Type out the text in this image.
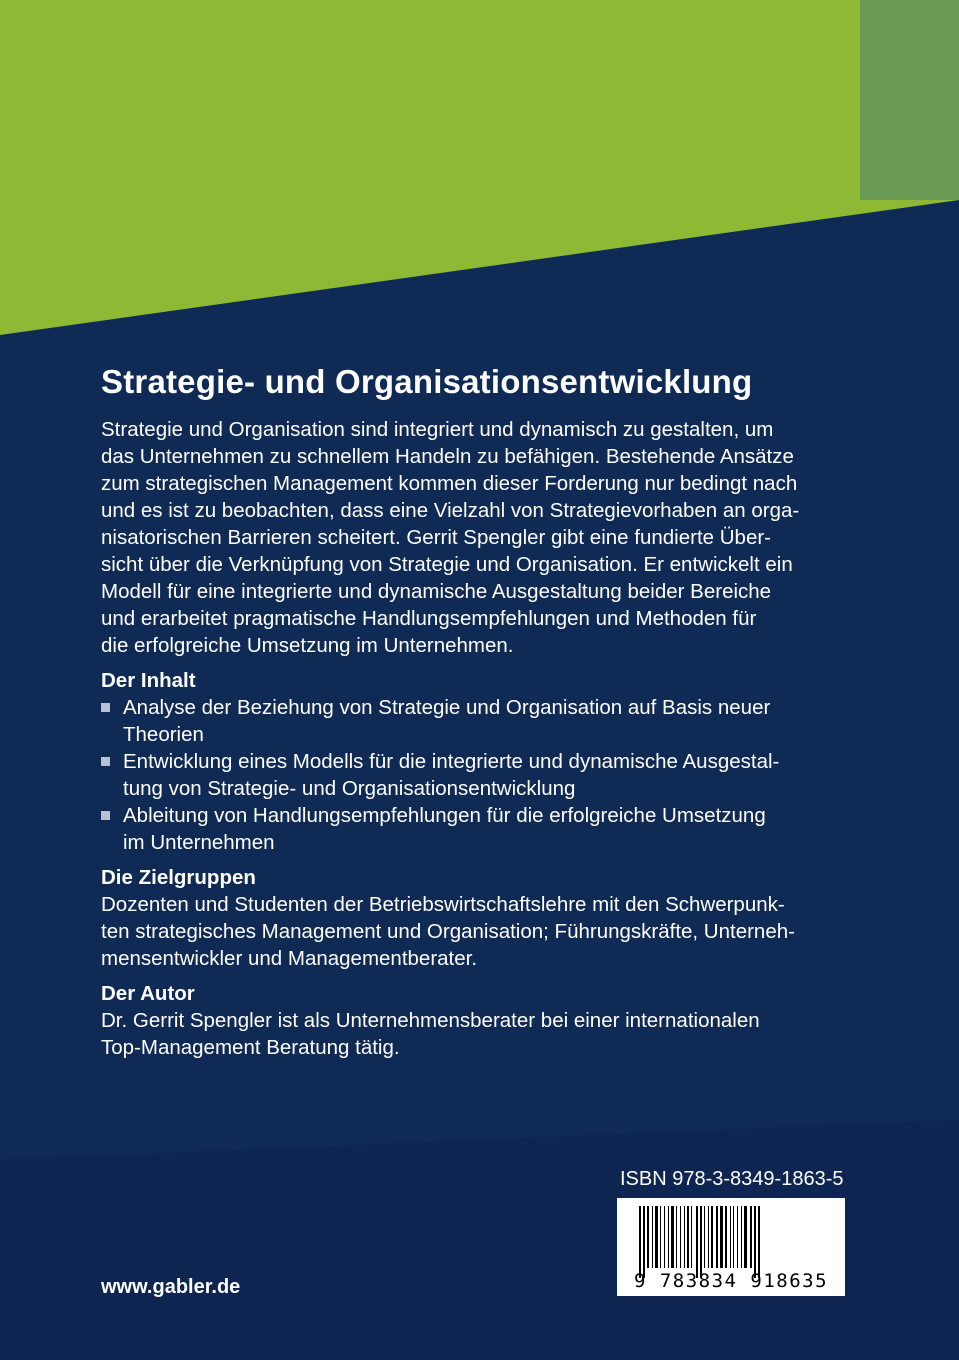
Strategie- und Organisationsentwicklung
Strategie und Organisation sind integriert und dynamisch zu gestalten, um
das Unternehmen zu schnellem Handeln zu befähigen. Bestehende Ansätze
zum strategischen Management kommen dieser Forderung nur bedingt nach
und es ist zu beobachten, dass eine Vielzahl von Strategievorhaben an orga-
nisatorischen Barrieren scheitert. Gerrit Spengler gibt eine fundierte Über-
sicht über die Verknüpfung von Strategie und Organisation. Er entwickelt ein
Modell für eine integrierte und dynamische Ausgestaltung beider Bereiche
und erarbeitet pragmatische Handlungsempfehlungen und Methoden für
die erfolgreiche Umsetzung im Unternehmen.
Der Inhalt
Analyse der Beziehung von Strategie und Organisation auf Basis neuer
Theorien
Entwicklung eines Modells für die integrierte und dynamische Ausgestal-
tung von Strategie- und Organisationsentwicklung
Ableitung von Handlungsempfehlungen für die erfolgreiche Umsetzung
im Unternehmen
Die Zielgruppen
Dozenten und Studenten der Betriebswirtschaftslehre mit den Schwerpunk-
ten strategisches Management und Organisation; Führungskräfte, Unterneh-
mensentwickler und Managementberater.
Der Autor
Dr. Gerrit Spengler ist als Unternehmensberater bei einer internationalen
Top-Management Beratung tätig.
www.gabler.de
ISBN 978-3-8349-1863-5
9 783834 918635
